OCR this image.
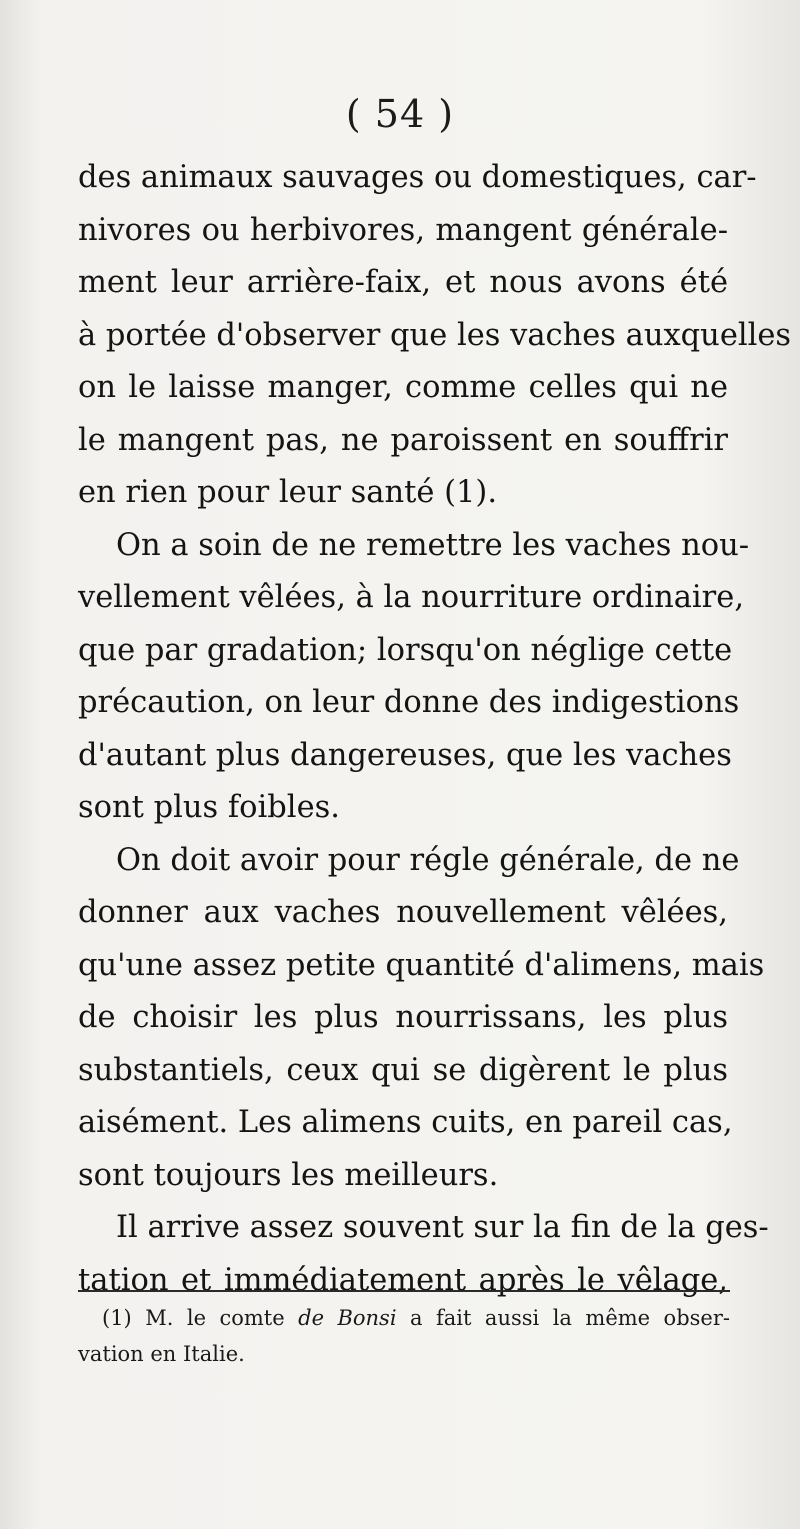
( 54 )
des animaux sauvages ou domestiques, car-
nivores ou herbivores, mangent générale-
ment leur arrière-faix, et nous avons été
à portée d'observer que les vaches auxquelles
on le laisse manger, comme celles qui ne
le mangent pas, ne paroissent en souffrir
en rien pour leur santé (1).
On a soin de ne remettre les vaches nou-
vellement vêlées, à la nourriture ordinaire,
que par gradation; lorsqu'on néglige cette
précaution, on leur donne des indigestions
d'autant plus dangereuses, que les vaches
sont plus foibles.
On doit avoir pour régle générale, de ne
donner aux vaches nouvellement vêlées,
qu'une assez petite quantité d'alimens, mais
de choisir les plus nourrissans, les plus
substantiels, ceux qui se digèrent le plus
aisément. Les alimens cuits, en pareil cas,
sont toujours les meilleurs.
Il arrive assez souvent sur la fin de la ges-
tation et immédiatement après le vêlage,
(1) M. le comte de Bonsi a fait aussi la même obser-
vation en Italie.
